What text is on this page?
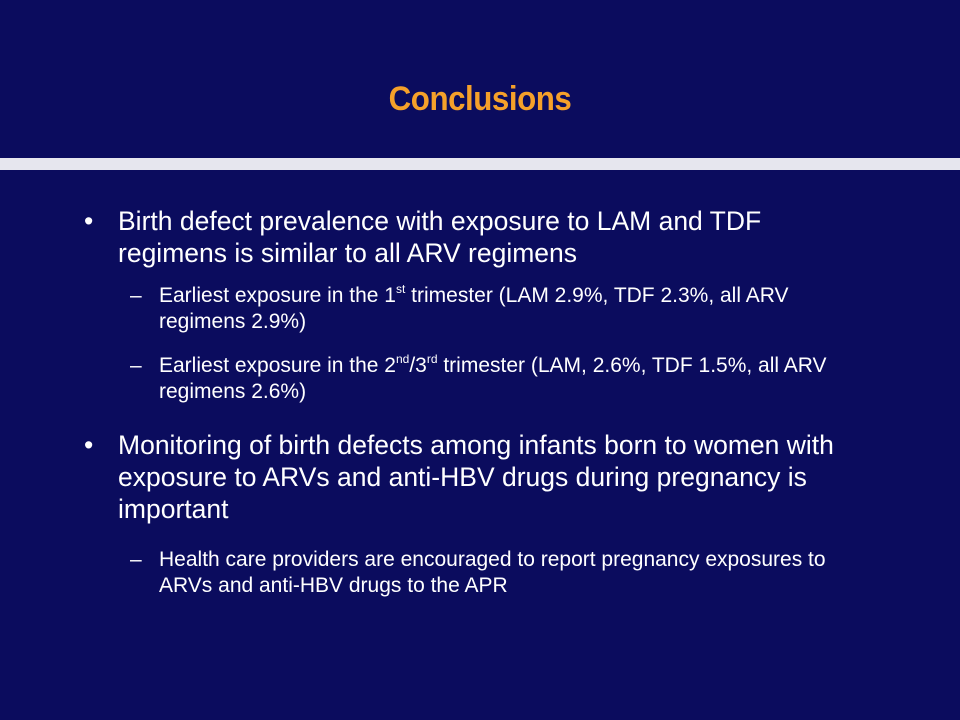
Conclusions
• Birth defect prevalence with exposure to LAM and TDF regimens is similar to all ARV regimens
– Earliest exposure in the 1st trimester (LAM 2.9%, TDF 2.3%, all ARV regimens 2.9%)
– Earliest exposure in the 2nd/3rd trimester (LAM, 2.6%, TDF 1.5%, all ARV regimens 2.6%)
• Monitoring of birth defects among infants born to women with exposure to ARVs and anti-HBV drugs during pregnancy is important
– Health care providers are encouraged to report pregnancy exposures to ARVs and anti-HBV drugs to the APR
